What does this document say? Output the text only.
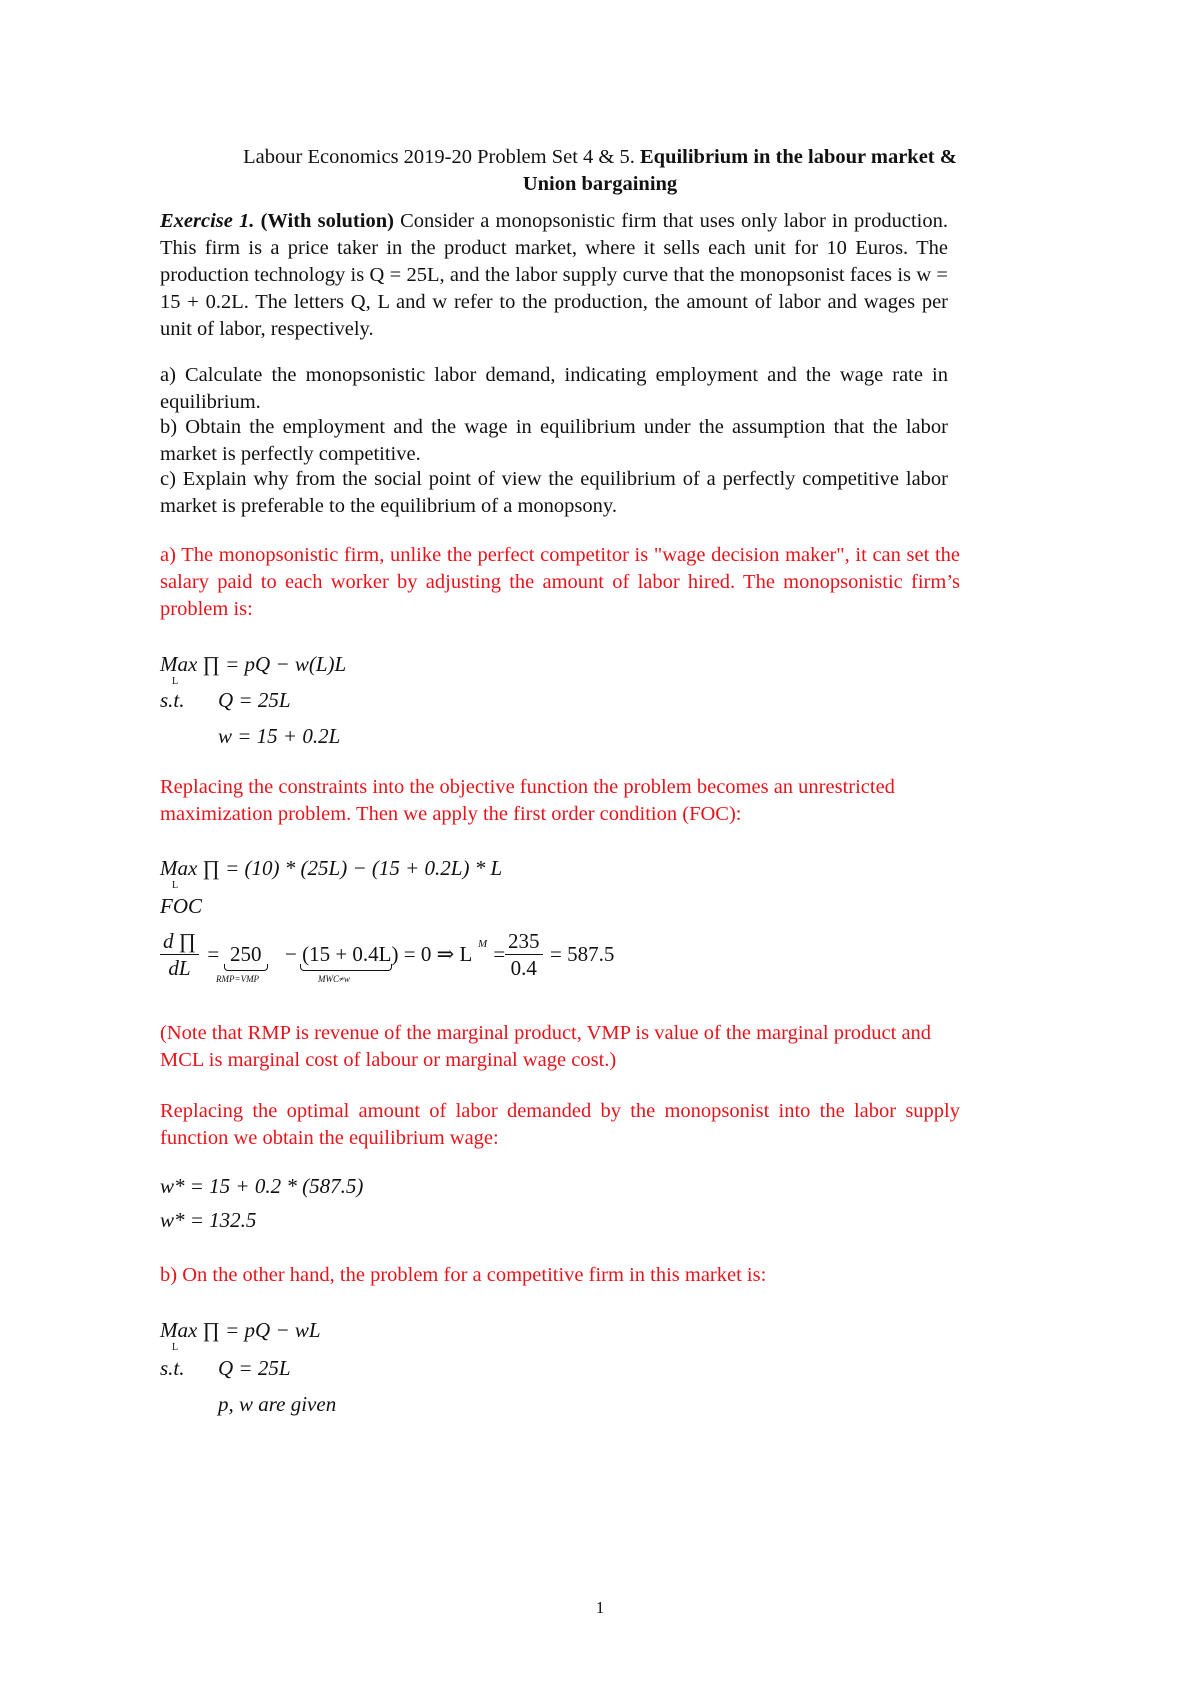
Labour Economics 2019-20 Problem Set 4 & 5. Equilibrium in the labour market &
Union bargaining
Exercise 1. (With solution) Consider a monopsonistic firm that uses only labor in production. This firm is a price taker in the product market, where it sells each unit for 10 Euros. The production technology is Q = 25L, and the labor supply curve that the monopsonist faces is w = 15 + 0.2L. The letters Q, L and w refer to the production, the amount of labor and wages per unit of labor, respectively.
a) Calculate the monopsonistic labor demand, indicating employment and the wage rate in equilibrium.
b) Obtain the employment and the wage in equilibrium under the assumption that the labor market is perfectly competitive.
c) Explain why from the social point of view the equilibrium of a perfectly competitive labor market is preferable to the equilibrium of a monopsony.
a) The monopsonistic firm, unlike the perfect competitor is "wage decision maker", it can set the salary paid to each worker by adjusting the amount of labor hired. The monopsonistic firm’s problem is:
Max ∏ = pQ − w(L)L
L
s.t. Q = 25L
w = 15 + 0.2L
Replacing the constraints into the objective function the problem becomes an unrestricted maximization problem. Then we apply the first order condition (FOC):
Max ∏ = (10) * (25L) − (15 + 0.2L) * L
L
FOC
$\frac{d \prod}{dL} = 250$
RMP=VMP
− (15 + 0.4L) = 0 ⇒ L M =
$\frac{235}{0.4} = 587.5$
MWC≠w
(Note that RMP is revenue of the marginal product, VMP is value of the marginal product and MCL is marginal cost of labour or marginal wage cost.)
Replacing the optimal amount of labor demanded by the monopsonist into the labor supply function we obtain the equilibrium wage:
w* = 15 + 0.2 * (587.5)
w* = 132.5
b) On the other hand, the problem for a competitive firm in this market is:
Max ∏ = pQ − wL
L
s.t. Q = 25L
p, w are given
1
